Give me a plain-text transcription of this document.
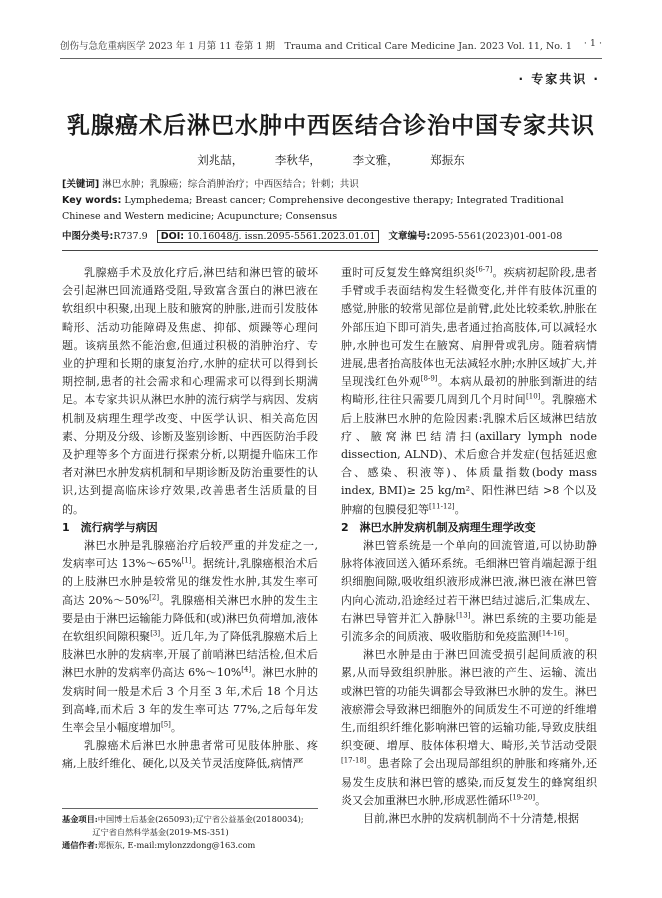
创伤与急危重病医学 2023 年 1 月第 11 卷第 1 期　Trauma and Critical Care Medicine Jan. 2023 Vol. 11, No. 1 · 1 ·
· 专家共识 ·
乳腺癌术后淋巴水肿中西医结合诊治中国专家共识
刘兆喆，	李秋华，	李文雅，	郑振东
[关键词] 淋巴水肿；乳腺癌；综合消肿治疗；中西医结合；针刺；共识
Key words: Lymphedema; Breast cancer; Comprehensive decongestive therapy; Integrated Traditional Chinese and Western medicine; Acupuncture; Consensus
中图分类号:R737.9 DOI: 10.16048/j. issn.2095-5561.2023.01.01 文章编号:2095-5561(2023)01-001-08

乳腺癌手术及放化疗后,淋巴结和淋巴管的破坏会引起淋巴回流通路受阻,导致富含蛋白的淋巴液在软组织中积聚,出现上肢和腋窝的肿胀,进而引发肢体畸形、活动功能障碍及焦虑、抑郁、烦躁等心理问题。该病虽然不能治愈,但通过积极的消肿治疗、专业的护理和长期的康复治疗,水肿的症状可以得到长期控制,患者的社会需求和心理需求可以得到长期满足。本专家共识从淋巴水肿的流行病学与病因、发病机制及病理生理学改变、中医学认识、相关高危因素、分期及分级、诊断及鉴别诊断、中西医防治手段及护理等多个方面进行探索分析,以期提升临床工作者对淋巴水肿发病机制和早期诊断及防治重要性的认识,达到提高临床诊疗效果,改善患者生活质量的目的。

1　流行病学与病因

淋巴水肿是乳腺癌治疗后较严重的并发症之一,发病率可达 13%～65%[1]。据统计,乳腺癌根治术后的上肢淋巴水肿是较常见的继发性水肿,其发生率可高达 20%～50%[2]。乳腺癌相关淋巴水肿的发生主要是由于淋巴运输能力降低和(或)淋巴负荷增加,液体在软组织间隙积聚[3]。近几年,为了降低乳腺癌术后上肢淋巴水肿的发病率,开展了前哨淋巴结活检,但术后淋巴水肿的发病率仍高达 6%～10%[4]。淋巴水肿的发病时间一般是术后 3 个月至 3 年,术后 18 个月达到高峰,而术后 3 年的发生率可达 77%,之后每年发生率会呈小幅度增加[5]。

乳腺癌术后淋巴水肿患者常可见肢体肿胀、疼痛,上肢纤维化、硬化,以及关节灵活度降低,病情严

基金项目:中国博士后基金(265093);辽宁省公益基金(20180034);
辽宁省自然科学基金(2019-MS-351)
通信作者:郑振东, E-mail:mylonzzdong@163.com

重时可反复发生蜂窝组织炎[6-7]。疾病初起阶段,患者手臂或手表面结构发生轻微变化,并伴有肢体沉重的感觉,肿胀的较常见部位是前臂,此处比较柔软,肿胀在外部压迫下即可消失,患者通过抬高肢体,可以减轻水肿,水肿也可发生在腋窝、肩胛骨或乳房。随着病情进展,患者抬高肢体也无法减轻水肿;水肿区域扩大,并呈现浅红色外观[8-9]。本病从最初的肿胀到渐进的结构畸形,往往只需要几周到几个月时间[10]。乳腺癌术后上肢淋巴水肿的危险因素:乳腺术后区域淋巴结放疗、腋窝淋巴结清扫(axillary lymph node dissection, ALND)、术后愈合并发症(包括延迟愈合、感染、积液等)、体质量指数(body mass index, BMI)≥ 25 kg/m²、阳性淋巴结 >8 个以及肿瘤的包膜侵犯等[11-12]。

2　淋巴水肿发病机制及病理生理学改变

淋巴管系统是一个单向的回流管道,可以协助静脉将体液回送入循环系统。毛细淋巴管肖端起源于组织细胞间隙,吸收组织液形成淋巴液,淋巴液在淋巴管内向心流动,沿途经过若干淋巴结过滤后,汇集成左、右淋巴导管并汇入静脉[13]。淋巴系统的主要功能是引流多余的间质液、吸收脂肪和免疫监测[14-16]。

淋巴水肿是由于淋巴回流受损引起间质液的积累,从而导致组织肿胀。淋巴液的产生、运输、流出或淋巴管的功能失调都会导致淋巴水肿的发生。淋巴液瘀滞会导致淋巴细胞外的间质发生不可逆的纤维增生,而组织纤维化影响淋巴管的运输功能,导致皮肤组织变硬、增厚、肢体体积增大、畸形,关节活动受限[17-18]。患者除了会出现局部组织的肿胀和疼痛外,还易发生皮肤和淋巴管的感染,而反复发生的蜂窝组织炎又会加重淋巴水肿,形成恶性循环[19-20]。

目前,淋巴水肿的发病机制尚不十分清楚,根据
